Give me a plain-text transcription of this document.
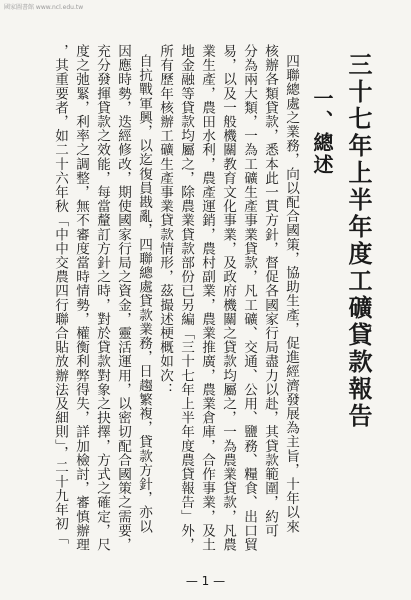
國家圖書館 www.ncl.edu.tw
三十七年上半年度工礦貸款報告
一、總述
四聯總處之業務，向以配合國策，協助生產，促進經濟發展為主旨，十年以來
核辦各類貸款，悉本此一貫方針，督促各國家行局盡力以赴，其貸款範圍，約可
分為兩大類，一為工礦生產事業貸款，凡工礦、交通、公用、鹽務、糧食、出口貿
易，以及一般機關教育文化事業，及政府機關之貸款均屬之，一為農業貸款，凡農
業生產，農田水利，農產運銷，農村副業，農業推廣，農業倉庫，合作事業，及土
地金融等貸款均屬之，除農業貸款部份已另編「三十七年上半年度農貸報告」外，
所有歷年核辦工礦生產事業貸款情形，茲撮述梗概如次：
自抗戰軍興，以迄復員戡亂，四聯總處貸款業務，日趨繁複，貸款方針，亦以
因應時勢，迭經修改，期使國家行局之資金，靈活運用，以密切配合國策之需要，
充分發揮貸款之效能，每當釐訂方針之時，對於貸款對象之抉擇，方式之確定，尺
度之弛緊，利率之調整，無不審度當時情勢，權衡利弊得失，詳加檢討，審慎辦理
，其重要者，如二十六年秋「中中交農四行聯合貼放辦法及細則」，二十九年初「
— 1 —
